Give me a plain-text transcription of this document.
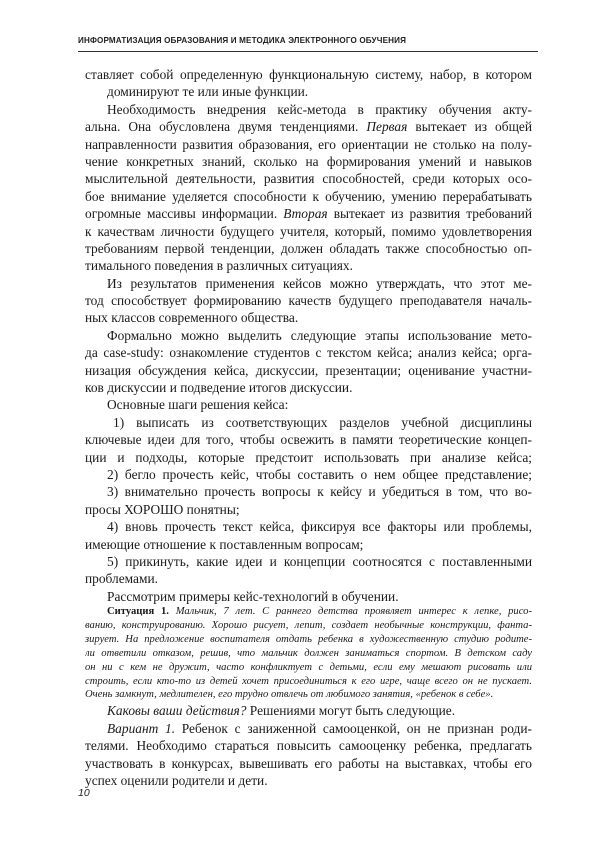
ИНФОРМАТИЗАЦИЯ ОБРАЗОВАНИЯ И МЕТОДИКА ЭЛЕКТРОННОГО ОБУЧЕНИЯ
ставляет собой определенную функциональную систему, набор, в котором
доминируют те или иные функции.
Необходимость внедрения кейс-метода в практику обучения акту-
альна. Она обусловлена двумя тенденциями. Первая вытекает из общей
направленности развития образования, его ориентации не столько на полу-
чение конкретных знаний, сколько на формирования умений и навыков
мыслительной деятельности, развития способностей, среди которых осо-
бое внимание уделяется способности к обучению, умению перерабатывать
огромные массивы информации. Вторая вытекает из развития требований
к качествам личности будущего учителя, который, помимо удовлетворения
требованиям первой тенденции, должен обладать также способностью оп-
тимального поведения в различных ситуациях.
Из результатов применения кейсов можно утверждать, что этот ме-
тод способствует формированию качеств будущего преподавателя началь-
ных классов современного общества.
Формально можно выделить следующие этапы использование мето-
да case-study: ознакомление студентов с текстом кейса; анализ кейса; орга-
низация обсуждения кейса, дискуссии, презентации; оценивание участни-
ков дискуссии и подведение итогов дискуссии.
Основные шаги решения кейса:
1) выписать из соответствующих разделов учебной дисциплины
ключевые идеи для того, чтобы освежить в памяти теоретические концеп-
ции и подходы, которые предстоит использовать при анализе кейса;
2) бегло прочесть кейс, чтобы составить о нем общее представление;
3) внимательно прочесть вопросы к кейсу и убедиться в том, что во-
просы ХОРОШО понятны;
4) вновь прочесть текст кейса, фиксируя все факторы или проблемы,
имеющие отношение к поставленным вопросам;
5) прикинуть, какие идеи и концепции соотносятся с поставленными
проблемами.
Рассмотрим примеры кейс-технологий в обучении.
Ситуация 1. Мальчик, 7 лет. С раннего детства проявляет интерес к лепке, рисо-
ванию, конструированию. Хорошо рисует, лепит, создает необычные конструкции, фанта-
зирует. На предложение воспитателя отдать ребенка в художественную студию родите-
ли ответили отказом, решив, что мальчик должен заниматься спортом. В детском саду
он ни с кем не дружит, часто конфликтует с детьми, если ему мешают рисовать или
строить, если кто-то из детей хочет присоединиться к его игре, чаще всего он не пускает.
Очень замкнут, медлителен, его трудно отвлечь от любимого занятия, «ребенок в себе».
Каковы ваши действия? Решениями могут быть следующие.
Вариант 1. Ребенок с заниженной самооценкой, он не признан роди-
телями. Необходимо стараться повысить самооценку ребенка, предлагать
участвовать в конкурсах, вывешивать его работы на выставках, чтобы его
успех оценили родители и дети.
10
